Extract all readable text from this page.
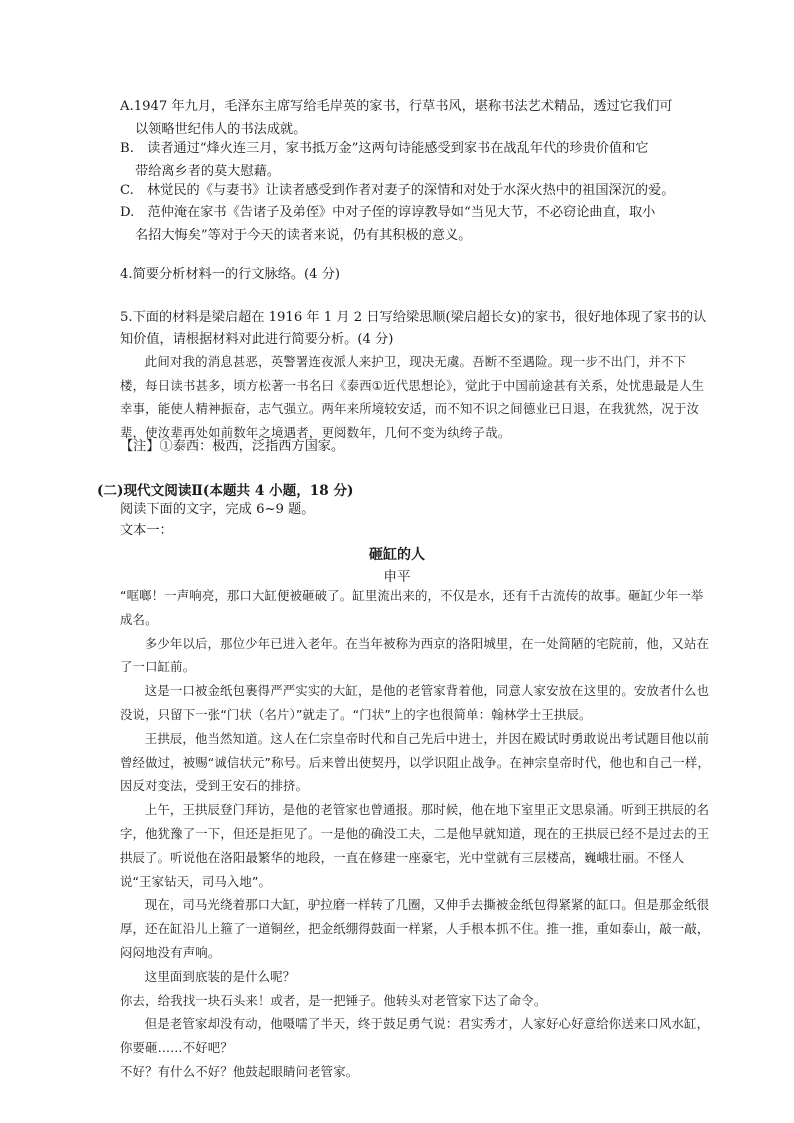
A.1947 年九月，毛泽东主席写给毛岸英的家书，行草书风，堪称书法艺术精品，透过它我们可
以领略世纪伟人的书法成就。
B.　读者通过“烽火连三月，家书抵万金”这两句诗能感受到家书在战乱年代的珍贵价值和它
带给离乡者的莫大慰藉。
C.　林觉民的《与妻书》让读者感受到作者对妻子的深情和对处于水深火热中的祖国深沉的爱。
D.　范仲淹在家书《告诸子及弟侄》中对子侄的谆谆教导如“当见大节，不必窃论曲直，取小
名招大悔矣”等对于今天的读者来说，仍有其积极的意义。
4.简要分析材料一的行文脉络。(4 分)
5.下面的材料是梁启超在 1916 年 1 月 2 日写给梁思顺(梁启超长女)的家书，很好地体现了家书的认
知价值，请根据材料对此进行简要分析。(4 分)

此间对我的消息甚恶，英警署连夜派人来护卫，现决无虞。吾断不至遇险。现一步不出门，并不下楼，每日读书甚多，顷方松著一书名曰《泰西①近代思想论》，觉此于中国前途甚有关系，处忧患最是人生幸事，能使人精神振奋，志气强立。两年来所境较安适，而不知不识之间德业已日退，在我犹然，况于汝辈，使汝辈再处如前数年之境遇者，更阅数年，几何不变为纨绔子哉。

【注】①泰西：极西，泛指西方国家。
(二)现代文阅读Ⅱ(本题共 4 小题，18 分)
阅读下面的文字，完成 6~9 题。
文本一：
砸缸的人
申平

“哐啷！一声响亮，那口大缸便被砸破了。缸里流出来的，不仅是水，还有千古流传的故事。砸缸少年一举成名。

多少年以后，那位少年已进入老年。在当年被称为西京的洛阳城里，在一处简陋的宅院前，他，又站在了一口缸前。

这是一口被金纸包裹得严严实实的大缸，是他的老管家背着他，同意人家安放在这里的。安放者什么也没说，只留下一张“门状（名片）”就走了。“门状”上的字也很简单：翰林学士王拱辰。

王拱辰，他当然知道。这人在仁宗皇帝时代和自己先后中进士，并因在殿试时勇敢说出考试题目他以前曾经做过，被赐“诚信状元”称号。后来曾出使契丹，以学识阻止战争。在神宗皇帝时代，他也和自己一样，因反对变法，受到王安石的排挤。

上午，王拱辰登门拜访，是他的老管家也曾通报。那时候，他在地下室里正文思泉涌。听到王拱辰的名字，他犹豫了一下，但还是拒见了。一是他的确没工夫，二是他早就知道，现在的王拱辰已经不是过去的王拱辰了。听说他在洛阳最繁华的地段，一直在修建一座豪宅，光中堂就有三层楼高，巍峨壮丽。不怪人说“王家钻天，司马入地”。

现在，司马光绕着那口大缸，驴拉磨一样转了几圈，又伸手去撕被金纸包得紧紧的缸口。但是那金纸很厚，还在缸沿儿上箍了一道铜丝，把金纸绷得鼓面一样紧，人手根本抓不住。推一推，重如泰山，敲一敲，闷闷地没有声响。

这里面到底装的是什么呢？

你去，给我找一块石头来！或者，是一把锤子。他转头对老管家下达了命令。

但是老管家却没有动，他嗫嚅了半天，终于鼓足勇气说：君实秀才，人家好心好意给你送来口风水缸，你要砸……不好吧？

不好？有什么不好？他鼓起眼睛问老管家。
